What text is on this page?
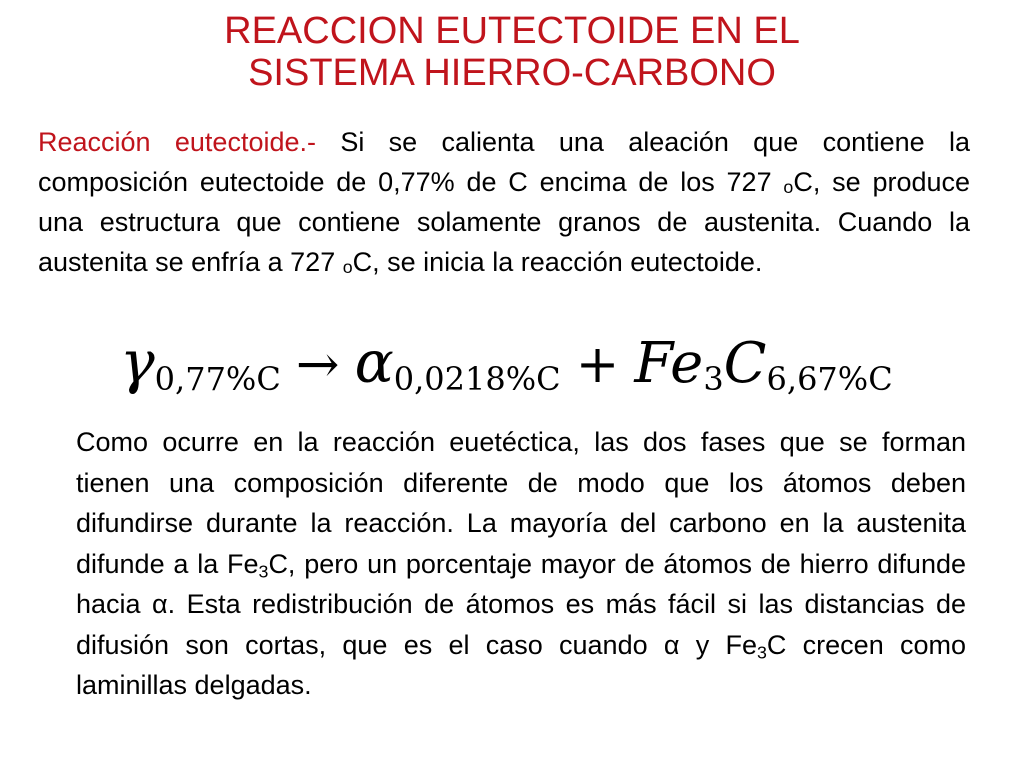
REACCION EUTECTOIDE EN EL
SISTEMA HIERRO-CARBONO

Reacción eutectoide.- Si se calienta una aleación que contiene la composición eutectoide de 0,77% de C encima de los 727 oC, se produce una estructura que contiene solamente granos de austenita. Cuando la austenita se enfría a 727 oC, se inicia la reacción eutectoide.

γ0,77%C → α0,0218%C + Fe3C6,67%C

Como ocurre en la reacción euetéctica, las dos fases que se forman tienen una composición diferente de modo que los átomos deben difundirse durante la reacción. La mayoría del carbono en la austenita difunde a la $Fe_3C$, pero un porcentaje mayor de átomos de hierro difunde hacia α. Esta redistribución de átomos es más fácil si las distancias de difusión son cortas, que es el caso cuando α y $Fe_3C$ crecen como laminillas delgadas.
